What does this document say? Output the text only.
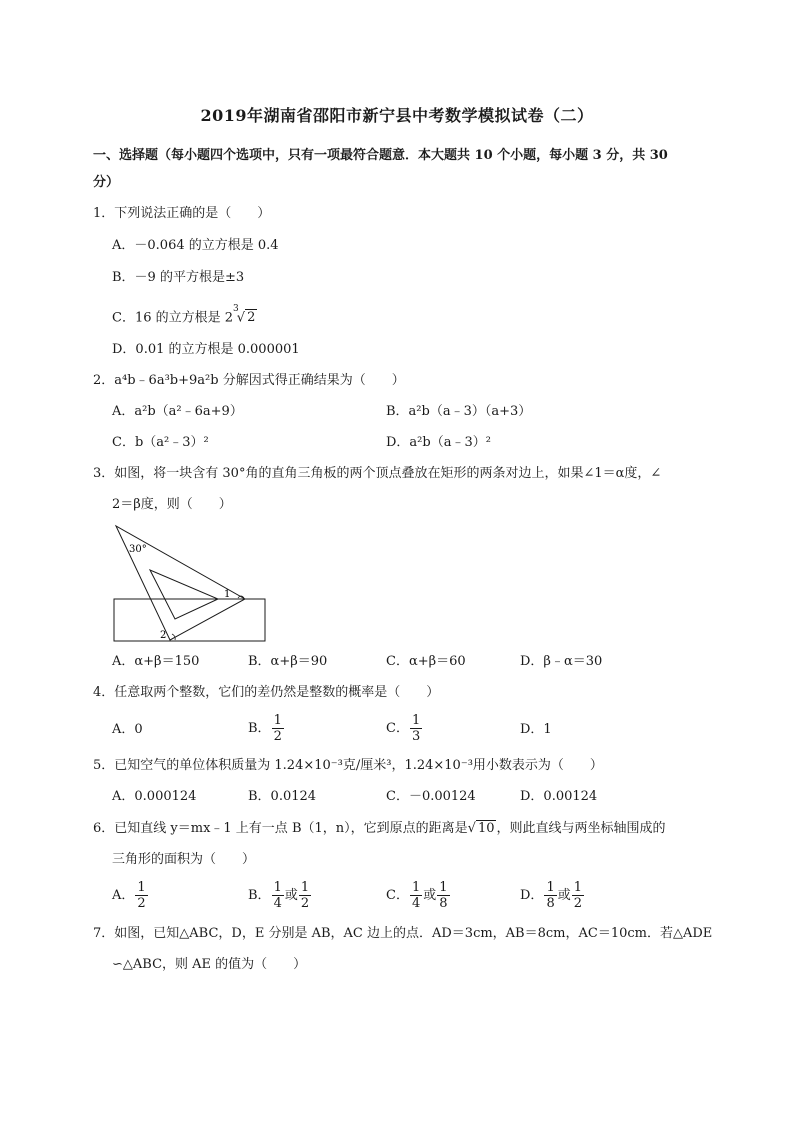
2019年湖南省邵阳市新宁县中考数学模拟试卷（二）
一、选择题（每小题四个选项中，只有一项最符合题意．本大题共 10 个小题，每小题 3 分，共 30
分）
1．下列说法正确的是（　　）
A．－0.064 的立方根是 0.4
B．－9 的平方根是±3
C．16 的立方根是 $2^3√$ 2
D．0.01 的立方根是 0.000001
2．a⁴b﹣6a³b+9a²b 分解因式得正确结果为（　　）
A．a²b（a²﹣6a+9）	B．a²b（a﹣3）（a+3）
C．b（a²﹣3）²	D．a²b（a﹣3）²
3．如图，将一块含有 30°角的直角三角板的两个顶点叠放在矩形的两条对边上，如果∠1＝α度，∠
2＝β度，则（　　）
30°
1
2
A．α+β＝150	B．α+β＝90	C．α+β＝60	D．β﹣α＝30
4．任意取两个整数，它们的差仍然是整数的概率是（　　）
A．0	B． $\frac{1}{2}$	C． $\frac{1}{3}$	D．1
5．已知空气的单位体积质量为 1.24×10⁻³克/厘米³，1.24×10⁻³用小数表示为（　　）
A．0.000124	B．0.0124	C．－0.00124	D．0.00124
6．已知直线 y＝mx﹣1 上有一点 B（1，n），它到原点的距离是√ 10 ，则此直线与两坐标轴围成的
三角形的面积为（　　）
A． $\frac{1}{2}$	B． $\frac{1}{4}$ 或 $\frac{1}{2}$	C． $\frac{1}{4}$ 或 $\frac{1}{8}$	D． $\frac{1}{8}$ 或 $\frac{1}{2}$
7．如图，已知△ABC，D，E 分别是 AB，AC 边上的点．AD＝3cm，AB＝8cm，AC＝10cm．若△ADE
∽△ABC，则 AE 的值为（　　）
